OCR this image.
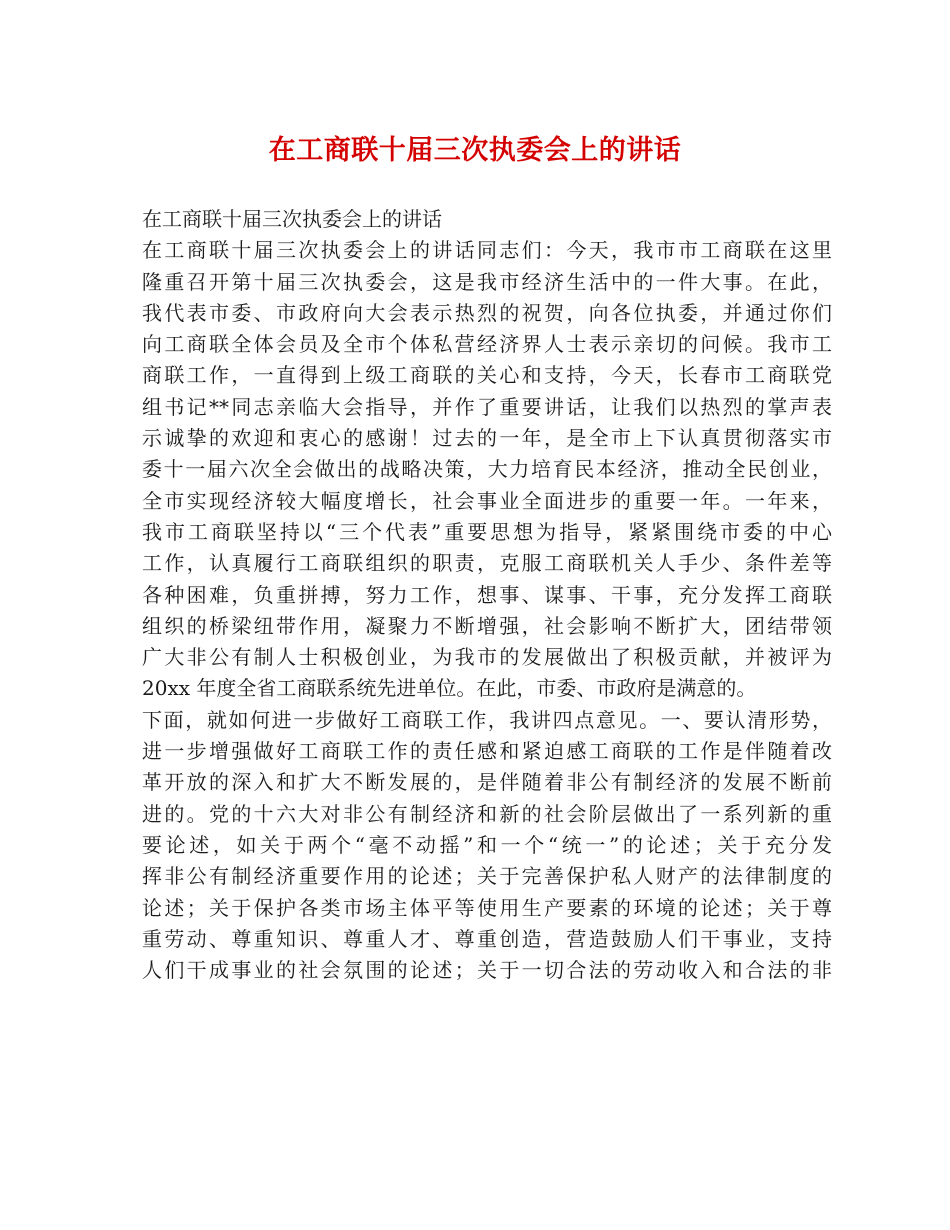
在工商联十届三次执委会上的讲话
在工商联十届三次执委会上的讲话
在工商联十届三次执委会上的讲话同志们：今天，我市市工商联在这里
隆重召开第十届三次执委会，这是我市经济生活中的一件大事。在此，
我代表市委、市政府向大会表示热烈的祝贺，向各位执委，并通过你们
向工商联全体会员及全市个体私营经济界人士表示亲切的问候。我市工
商联工作，一直得到上级工商联的关心和支持，今天，长春市工商联党
组书记**同志亲临大会指导，并作了重要讲话，让我们以热烈的掌声表
示诚挚的欢迎和衷心的感谢！过去的一年，是全市上下认真贯彻落实市
委十一届六次全会做出的战略决策，大力培育民本经济，推动全民创业，
全市实现经济较大幅度增长，社会事业全面进步的重要一年。一年来，
我市工商联坚持以“三个代表”重要思想为指导，紧紧围绕市委的中心
工作，认真履行工商联组织的职责，克服工商联机关人手少、条件差等
各种困难，负重拼搏，努力工作，想事、谋事、干事，充分发挥工商联
组织的桥梁纽带作用，凝聚力不断增强，社会影响不断扩大，团结带领
广大非公有制人士积极创业，为我市的发展做出了积极贡献，并被评为
20xx 年度全省工商联系统先进单位。在此，市委、市政府是满意的。
下面，就如何进一步做好工商联工作，我讲四点意见。一、要认清形势，
进一步增强做好工商联工作的责任感和紧迫感工商联的工作是伴随着改
革开放的深入和扩大不断发展的，是伴随着非公有制经济的发展不断前
进的。党的十六大对非公有制经济和新的社会阶层做出了一系列新的重
要论述，如关于两个“毫不动摇”和一个“统一”的论述；关于充分发
挥非公有制经济重要作用的论述；关于完善保护私人财产的法律制度的
论述；关于保护各类市场主体平等使用生产要素的环境的论述；关于尊
重劳动、尊重知识、尊重人才、尊重创造，营造鼓励人们干事业，支持
人们干成事业的社会氛围的论述；关于一切合法的劳动收入和合法的非
